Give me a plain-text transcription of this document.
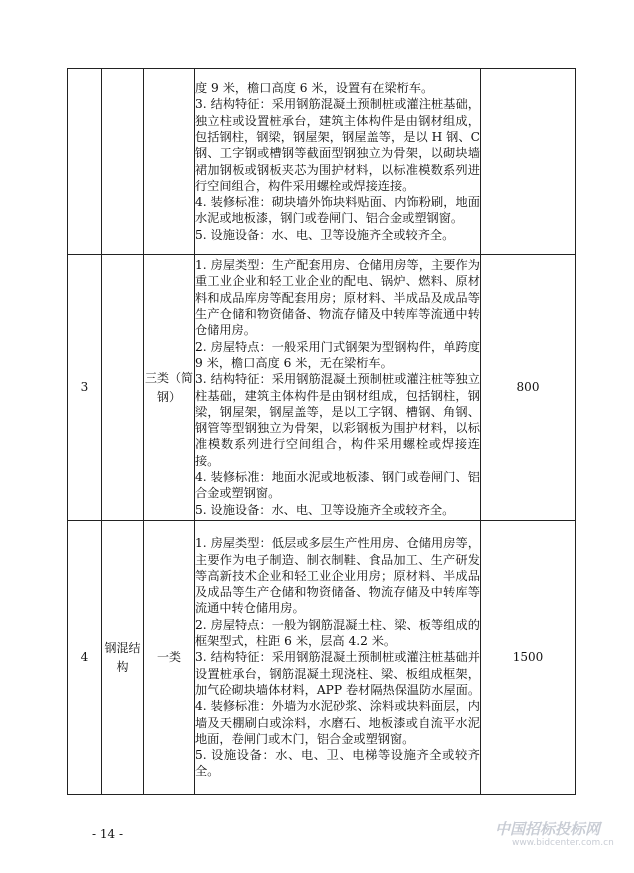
			度 9 米，檐口高度 6 米，设置有在梁桁车。

3. 结构特征：采用钢筋混凝土预制桩或灌注桩基础，独立柱或设置桩承台，建筑主体构件是由钢材组成，包括钢柱，钢梁，钢屋架，钢屋盖等，是以 H 钢、C 钢、工字钢或槽钢等截面型钢独立为骨架，以砌块墙裙加钢板或钢板夹芯为围护材料，以标准模数系列进行空间组合，构件采用螺栓或焊接连接。

4. 装修标准：砌块墙外饰块料贴面、内饰粉刷，地面水泥或地板漆，钢门或卷闸门、铝合金或塑钢窗。

5. 设施设备：水、电、卫等设施齐全或较齐全。	

3		三类（简钢）	1. 房屋类型：生产配套用房、仓储用房等，主要作为重工业企业和轻工业企业的配电、锅炉、燃料、原材料和成品库房等配套用房；原材料、半成品及成品等生产仓储和物资储备、物流存储及中转库等流通中转仓储用房。

2. 房屋特点：一般采用门式钢架为型钢构件，单跨度 9 米，檐口高度 6 米，无在梁桁车。

3. 结构特征：采用钢筋混凝土预制桩或灌注桩等独立柱基础，建筑主体构件是由钢材组成，包括钢柱，钢梁，钢屋架，钢屋盖等，是以工字钢、槽钢、角钢、钢管等型钢独立为骨架，以彩钢板为围护材料，以标准模数系列进行空间组合，构件采用螺栓或焊接连接。

4. 装修标准：地面水泥或地板漆、钢门或卷闸门、铝合金或塑钢窗。

5. 设施设备：水、电、卫等设施齐全或较齐全。	800
4	钢混结构	一类	1. 房屋类型：低层或多层生产性用房、仓储用房等，主要作为电子制造、制衣制鞋、食品加工、生产研发等高新技术企业和轻工业企业用房；原材料、半成品及成品等生产仓储和物资储备、物流存储及中转库等流通中转仓储用房。

2. 房屋特点：一般为钢筋混凝土柱、梁、板等组成的框架型式，柱距 6 米，层高 4.2 米。

3. 结构特征：采用钢筋混凝土预制桩或灌注桩基础并设置桩承台，钢筋混凝土现浇柱、梁、板组成框架，加气砼砌块墙体材料，APP 卷材隔热保温防水屋面。

4. 装修标准：外墙为水泥砂浆、涂料或块料面层，内墙及天棚刷白或涂料，水磨石、地板漆或自流平水泥地面，卷闸门或木门，铝合金或塑钢窗。

5. 设施设备：水、电、卫、电梯等设施齐全或较齐全。	1500
- 14 -	中国招标投标网
www.bidcenter.com.cn
